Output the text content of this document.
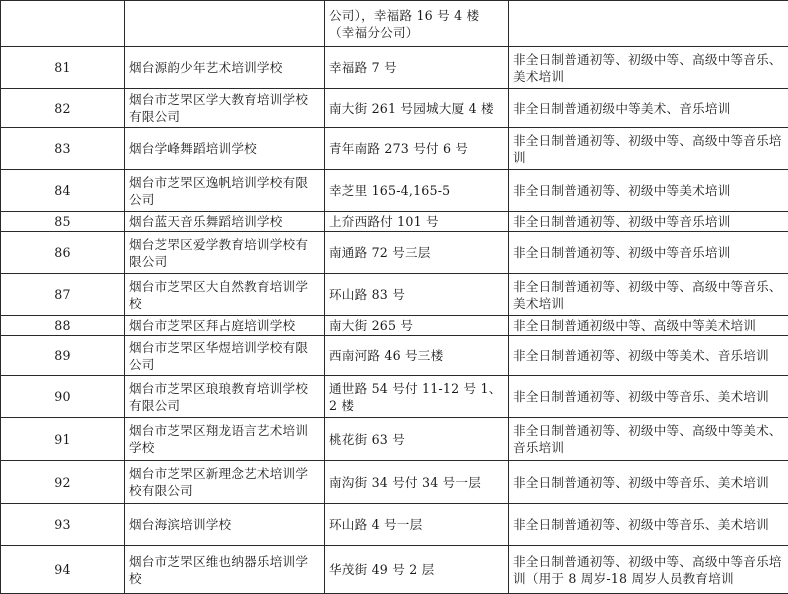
		公司），幸福路 16 号 4 楼（幸福分公司）	
81	烟台源韵少年艺术培训学校	幸福路 7 号	非全日制普通初等、初级中等、高级中等音乐、美术培训
82	烟台市芝罘区学大教育培训学校有限公司	南大街 261 号园城大厦 4 楼	非全日制普通初级中等美术、音乐培训
83	烟台学峰舞蹈培训学校	青年南路 273 号付 6 号	非全日制普通初等、初级中等、高级中等音乐培训
84	烟台市芝罘区逸帆培训学校有限公司	幸芝里 165-4,165-5	非全日制普通初等、初级中等美术培训
85	烟台蓝天音乐舞蹈培训学校	上夼西路付 101 号	非全日制普通初等、初级中等音乐培训
86	烟台芝罘区爱学教育培训学校有限公司	南通路 72 号三层	非全日制普通初等、初级中等音乐培训
87	烟台市芝罘区大自然教育培训学校	环山路 83 号	非全日制普通初等、初级中等、高级中等音乐、美术培训
88	烟台市芝罘区拜占庭培训学校	南大街 265 号	非全日制普通初级中等、高级中等美术培训
89	烟台市芝罘区华煜培训学校有限公司	西南河路 46 号三楼	非全日制普通初等、初级中等美术、音乐培训
90	烟台市芝罘区琅琅教育培训学校有限公司	通世路 54 号付 11-12 号 1、2 楼	非全日制普通初等、初级中等音乐、美术培训
91	烟台市芝罘区翔龙语言艺术培训学校	桃花街 63 号	非全日制普通初等、初级中等、高级中等美术、音乐培训
92	烟台市芝罘区新理念艺术培训学校有限公司	南沟街 34 号付 34 号一层	非全日制普通初等、初级中等音乐、美术培训
93	烟台海滨培训学校	环山路 4 号一层	非全日制普通初等、初级中等音乐、美术培训
94	烟台市芝罘区维也纳器乐培训学校	华茂街 49 号 2 层	非全日制普通初等、初级中等、高级中等音乐培训（用于 8 周岁-18 周岁人员教育培训
